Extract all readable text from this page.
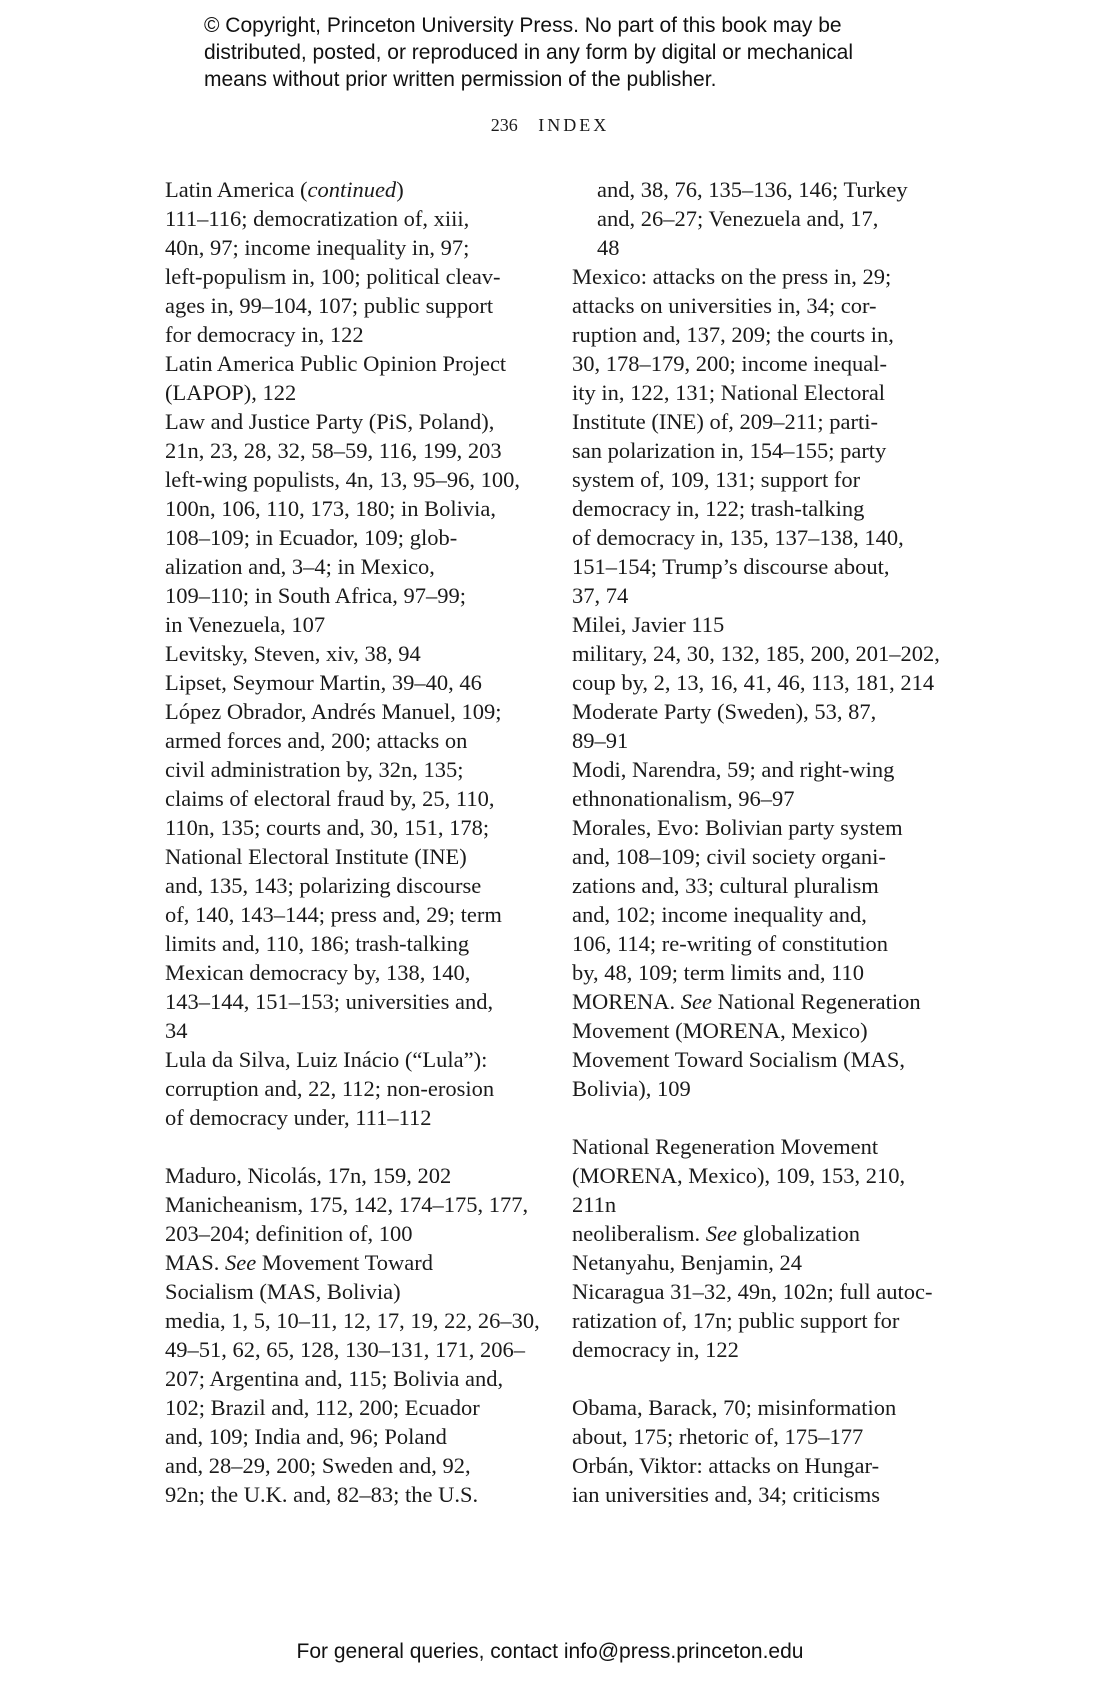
© Copyright, Princeton University Press. No part of this book may be
distributed, posted, or reproduced in any form by digital or mechanical
means without prior written permission of the publisher.
236 INDEX
Latin America (continued)
111–116; democratization of, xiii,
40n, 97; income inequality in, 97;
left-populism in, 100; political cleav-
ages in, 99–104, 107; public support
for democracy in, 122
Latin America Public Opinion Project
(LAPOP), 122
Law and Justice Party (PiS, Poland),
21n, 23, 28, 32, 58–59, 116, 199, 203
left-wing populists, 4n, 13, 95–96, 100,
100n, 106, 110, 173, 180; in Bolivia,
108–109; in Ecuador, 109; glob-
alization and, 3–4; in Mexico,
109–110; in South Africa, 97–99;
in Venezuela, 107
Levitsky, Steven, xiv, 38, 94
Lipset, Seymour Martin, 39–40, 46
López Obrador, Andrés Manuel, 109;
armed forces and, 200; attacks on
civil administration by, 32n, 135;
claims of electoral fraud by, 25, 110,
110n, 135; courts and, 30, 151, 178;
National Electoral Institute (INE)
and, 135, 143; polarizing discourse
of, 140, 143–144; press and, 29; term
limits and, 110, 186; trash-talking
Mexican democracy by, 138, 140,
143–144, 151–153; universities and,
34
Lula da Silva, Luiz Inácio (“Lula”):
corruption and, 22, 112; non-erosion
of democracy under, 111–112
Maduro, Nicolás, 17n, 159, 202
Manicheanism, 175, 142, 174–175, 177,
203–204; definition of, 100
MAS. See Movement Toward
Socialism (MAS, Bolivia)
media, 1, 5, 10–11, 12, 17, 19, 22, 26–30,
49–51, 62, 65, 128, 130–131, 171, 206–
207; Argentina and, 115; Bolivia and,
102; Brazil and, 112, 200; Ecuador
and, 109; India and, 96; Poland
and, 28–29, 200; Sweden and, 92,
92n; the U.K. and, 82–83; the U.S.
and, 38, 76, 135–136, 146; Turkey
and, 26–27; Venezuela and, 17,
48
Mexico: attacks on the press in, 29;
attacks on universities in, 34; cor-
ruption and, 137, 209; the courts in,
30, 178–179, 200; income inequal-
ity in, 122, 131; National Electoral
Institute (INE) of, 209–211; parti-
san polarization in, 154–155; party
system of, 109, 131; support for
democracy in, 122; trash-talking
of democracy in, 135, 137–138, 140,
151–154; Trump’s discourse about,
37, 74
Milei, Javier 115
military, 24, 30, 132, 185, 200, 201–202,
coup by, 2, 13, 16, 41, 46, 113, 181, 214
Moderate Party (Sweden), 53, 87,
89–91
Modi, Narendra, 59; and right-wing
ethnonationalism, 96–97
Morales, Evo: Bolivian party system
and, 108–109; civil society organi-
zations and, 33; cultural pluralism
and, 102; income inequality and,
106, 114; re-writing of constitution
by, 48, 109; term limits and, 110
MORENA. See National Regeneration
Movement (MORENA, Mexico)
Movement Toward Socialism (MAS,
Bolivia), 109
National Regeneration Movement
(MORENA, Mexico), 109, 153, 210,
211n
neoliberalism. See globalization
Netanyahu, Benjamin, 24
Nicaragua 31–32, 49n, 102n; full autoc-
ratization of, 17n; public support for
democracy in, 122
Obama, Barack, 70; misinformation
about, 175; rhetoric of, 175–177
Orbán, Viktor: attacks on Hungar-
ian universities and, 34; criticisms
For general queries, contact info@press.princeton.edu
